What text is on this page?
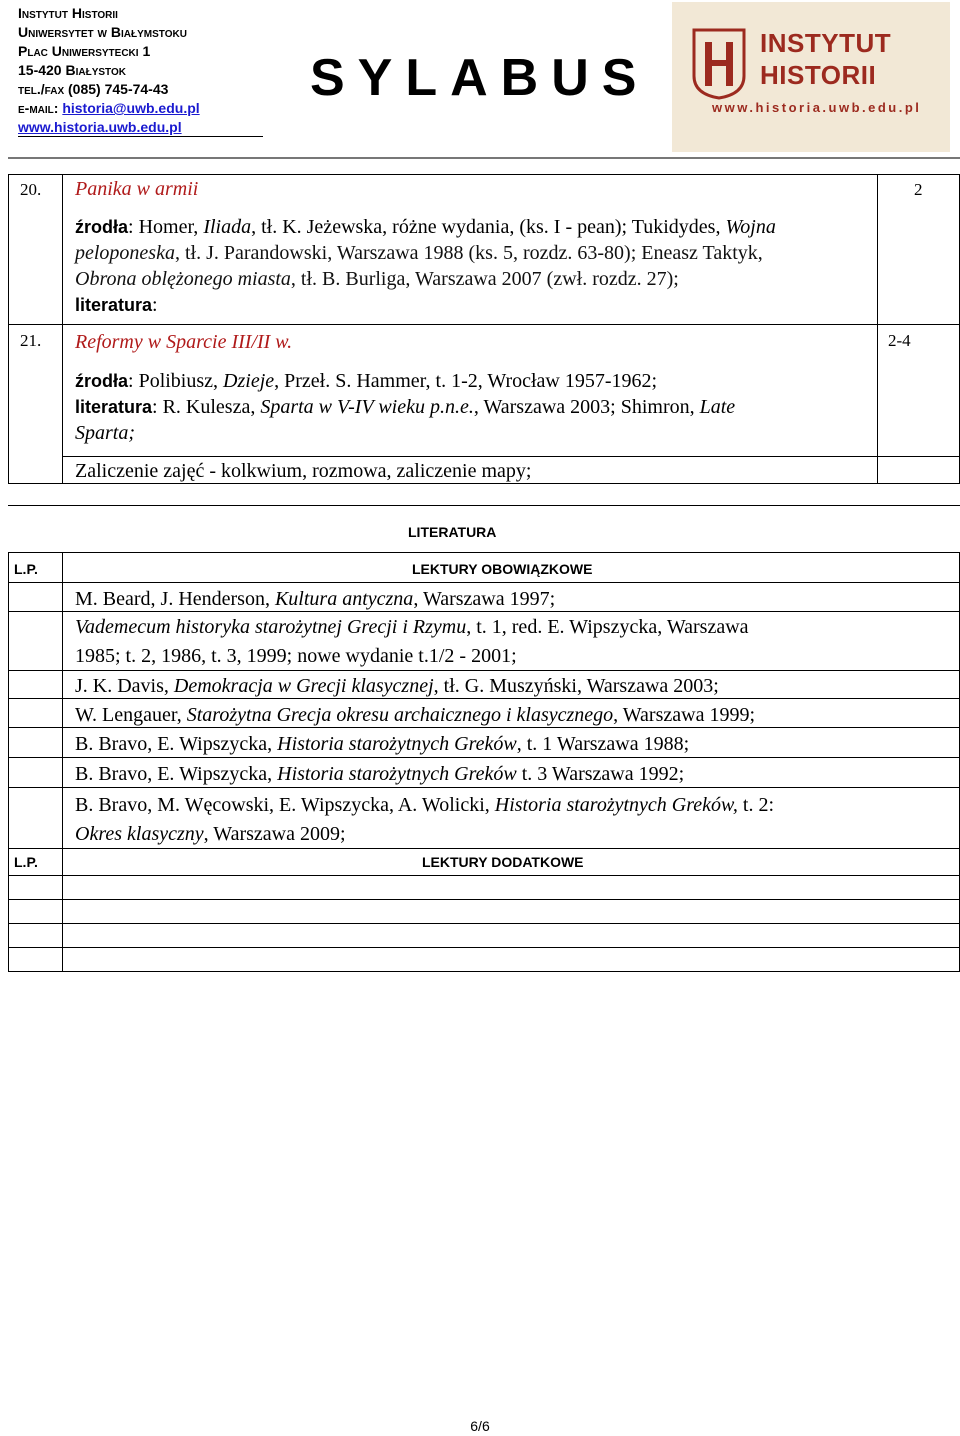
Instytut Historii
Uniwersytet w Białymstoku
Plac Uniwersytecki 1
15-420 Białystok
tel./fax (085) 745-74-43
e-mail: historia@uwb.edu.pl
www.historia.uwb.edu.pl
SYLABUS
INSTYTUT
HISTORII
www.historia.uwb.edu.pl
20. Panika w armii	2
źrodła: Homer, Iliada, tł. K. Jeżewska, różne wydania, (ks. I - pean); Tukidydes, Wojna
peloponeska, tł. J. Parandowski, Warszawa 1988 (ks. 5, rozdz. 63-80); Eneasz Taktyk,
Obrona oblężonego miasta, tł. B. Burliga, Warszawa 2007 (zwł. rozdz. 27);
literatura:
21. Reformy w Sparcie III/II w.	2-4
źrodła: Polibiusz, Dzieje, Przeł. S. Hammer, t. 1-2, Wrocław 1957-1962;
literatura: R. Kulesza, Sparta w V-IV wieku p.n.e., Warszawa 2003; Shimron, Late
Sparta;
Zaliczenie zajęć - kolkwium, rozmowa, zaliczenie mapy;
LITERATURA
L.P.	LEKTURY OBOWIĄZKOWE
M. Beard, J. Henderson, Kultura antyczna, Warszawa 1997;
Vademecum historyka starożytnej Grecji i Rzymu, t. 1, red. E. Wipszycka, Warszawa
1985; t. 2, 1986, t. 3, 1999; nowe wydanie t.1/2 - 2001;
J. K. Davis, Demokracja w Grecji klasycznej, tł. G. Muszyński, Warszawa 2003;
W. Lengauer, Starożytna Grecja okresu archaicznego i klasycznego, Warszawa 1999;
B. Bravo, E. Wipszycka, Historia starożytnych Greków, t. 1 Warszawa 1988;
B. Bravo, E. Wipszycka, Historia starożytnych Greków t. 3 Warszawa 1992;
B. Bravo, M. Węcowski, E. Wipszycka, A. Wolicki, Historia starożytnych Greków, t. 2:
Okres klasyczny, Warszawa 2009;
L.P.	LEKTURY DODATKOWE
6/6
